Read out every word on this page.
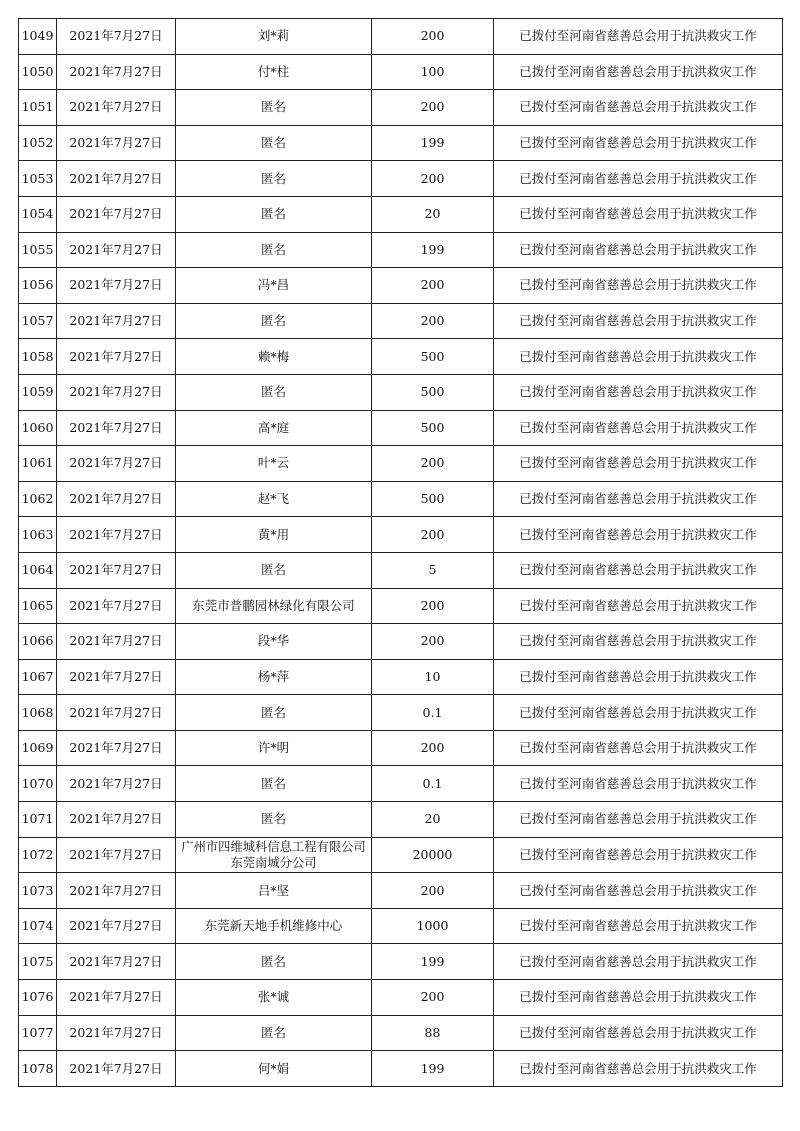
1049	2021年7月27日	刘*莉	200	已拨付至河南省慈善总会用于抗洪救灾工作
1050	2021年7月27日	付*柱	100	已拨付至河南省慈善总会用于抗洪救灾工作
1051	2021年7月27日	匿名	200	已拨付至河南省慈善总会用于抗洪救灾工作
1052	2021年7月27日	匿名	199	已拨付至河南省慈善总会用于抗洪救灾工作
1053	2021年7月27日	匿名	200	已拨付至河南省慈善总会用于抗洪救灾工作
1054	2021年7月27日	匿名	20	已拨付至河南省慈善总会用于抗洪救灾工作
1055	2021年7月27日	匿名	199	已拨付至河南省慈善总会用于抗洪救灾工作
1056	2021年7月27日	冯*昌	200	已拨付至河南省慈善总会用于抗洪救灾工作
1057	2021年7月27日	匿名	200	已拨付至河南省慈善总会用于抗洪救灾工作
1058	2021年7月27日	赖*梅	500	已拨付至河南省慈善总会用于抗洪救灾工作
1059	2021年7月27日	匿名	500	已拨付至河南省慈善总会用于抗洪救灾工作
1060	2021年7月27日	高*庭	500	已拨付至河南省慈善总会用于抗洪救灾工作
1061	2021年7月27日	叶*云	200	已拨付至河南省慈善总会用于抗洪救灾工作
1062	2021年7月27日	赵*飞	500	已拨付至河南省慈善总会用于抗洪救灾工作
1063	2021年7月27日	黄*用	200	已拨付至河南省慈善总会用于抗洪救灾工作
1064	2021年7月27日	匿名	5	已拨付至河南省慈善总会用于抗洪救灾工作
1065	2021年7月27日	东莞市普鹏园林绿化有限公司	200	已拨付至河南省慈善总会用于抗洪救灾工作
1066	2021年7月27日	段*华	200	已拨付至河南省慈善总会用于抗洪救灾工作
1067	2021年7月27日	杨*萍	10	已拨付至河南省慈善总会用于抗洪救灾工作
1068	2021年7月27日	匿名	0.1	已拨付至河南省慈善总会用于抗洪救灾工作
1069	2021年7月27日	许*明	200	已拨付至河南省慈善总会用于抗洪救灾工作
1070	2021年7月27日	匿名	0.1	已拨付至河南省慈善总会用于抗洪救灾工作
1071	2021年7月27日	匿名	20	已拨付至河南省慈善总会用于抗洪救灾工作
1072	2021年7月27日	广州市四维城科信息工程有限公司东莞南城分公司	20000	已拨付至河南省慈善总会用于抗洪救灾工作
1073	2021年7月27日	吕*坚	200	已拨付至河南省慈善总会用于抗洪救灾工作
1074	2021年7月27日	东莞新天地手机维修中心	1000	已拨付至河南省慈善总会用于抗洪救灾工作
1075	2021年7月27日	匿名	199	已拨付至河南省慈善总会用于抗洪救灾工作
1076	2021年7月27日	张*诚	200	已拨付至河南省慈善总会用于抗洪救灾工作
1077	2021年7月27日	匿名	88	已拨付至河南省慈善总会用于抗洪救灾工作
1078	2021年7月27日	何*娟	199	已拨付至河南省慈善总会用于抗洪救灾工作
